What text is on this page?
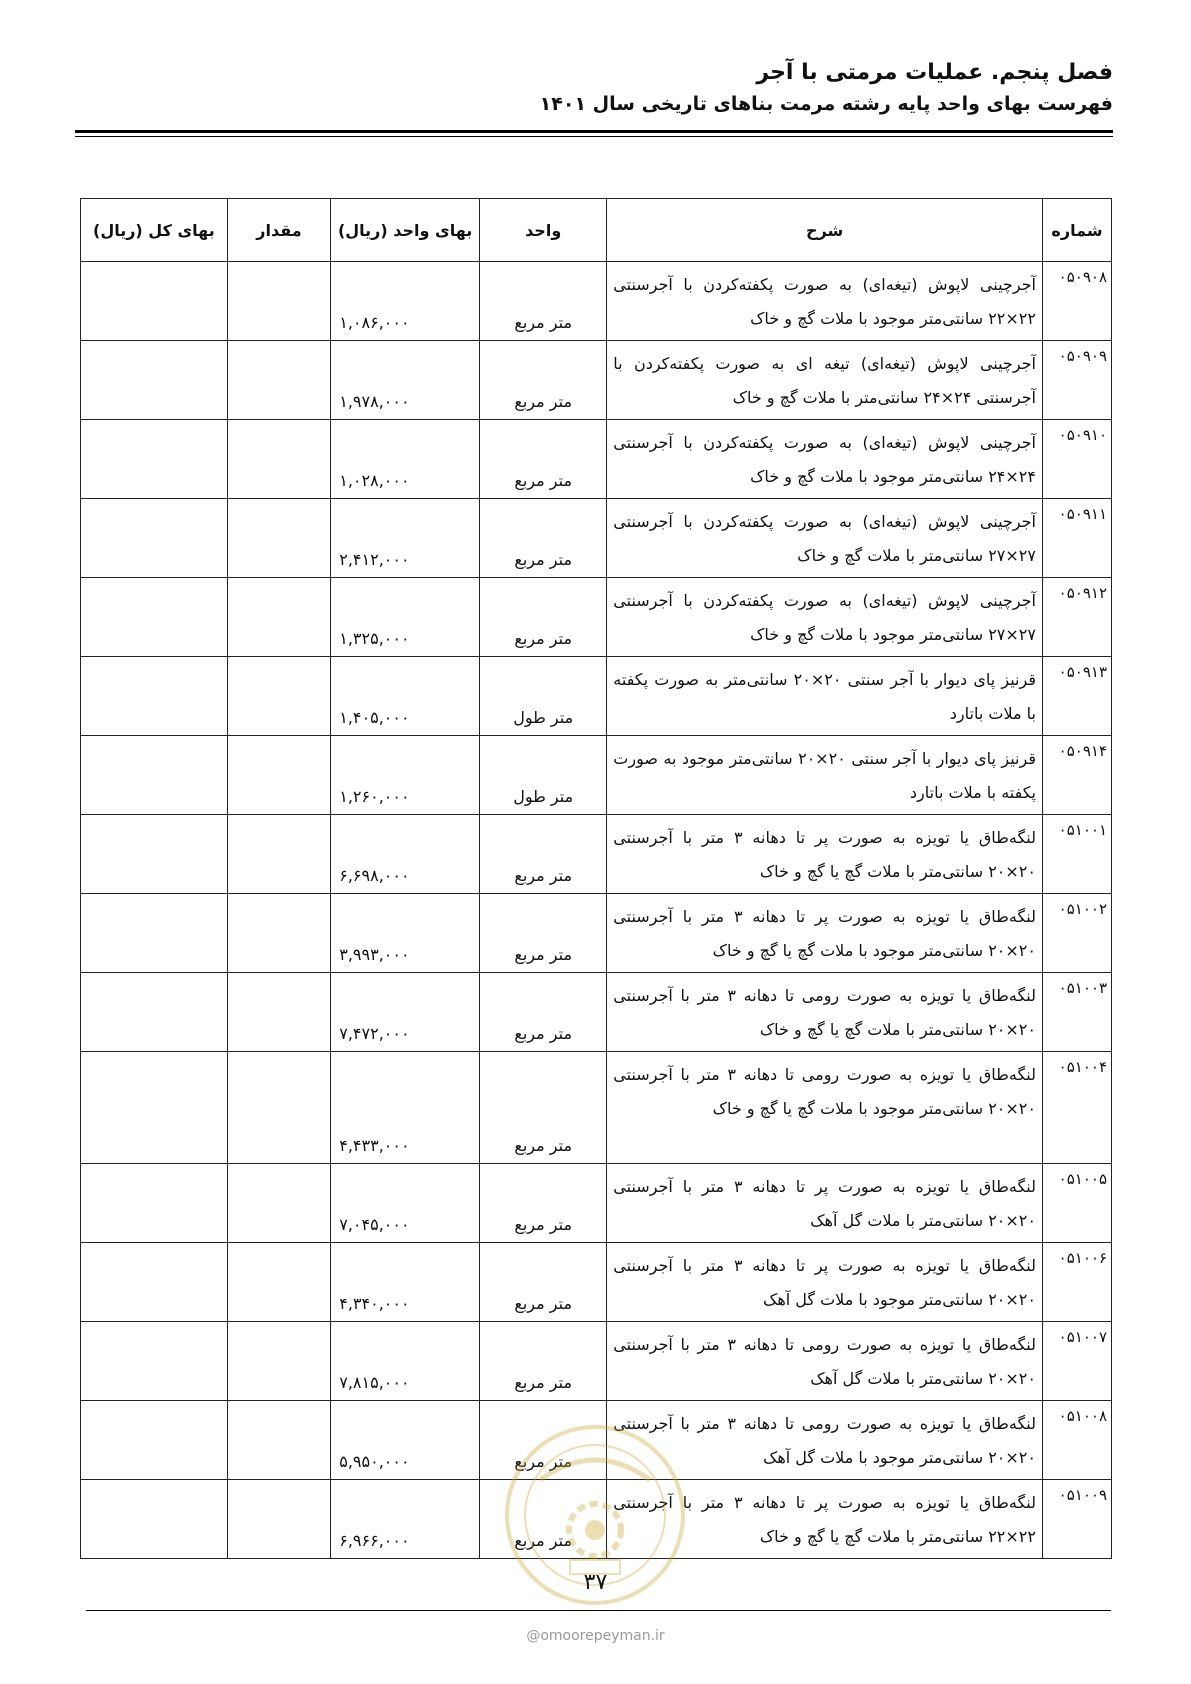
فصل پنجم. عملیات مرمتی با آجر

فهرست بهای واحد پایه رشته مرمت بناهای تاریخی سال ۱۴۰۱

شماره	شرح	واحد	بهای واحد (ریال)	مقدار	بهای کل (ریال)
۰۵۰۹۰۸	آجرچینی لاپوش (تیغه‌ای) به صورت پکفته‌کردن با آجرسنتی ۲۲×۲۲ سانتی‌متر موجود با ملات گچ و خاک	متر مربع	۱,۰۸۶,۰۰۰		
۰۵۰۹۰۹	آجرچینی لاپوش (تیغه‌ای) تیغه ای به صورت پکفته‌کردن با آجرسنتی ۲۴×۲۴ سانتی‌متر با ملات گچ و خاک	متر مربع	۱,۹۷۸,۰۰۰		
۰۵۰۹۱۰	آجرچینی لاپوش (تیغه‌ای) به صورت پکفته‌کردن با آجرسنتی ۲۴×۲۴ سانتی‌متر موجود با ملات گچ و خاک	متر مربع	۱,۰۲۸,۰۰۰		
۰۵۰۹۱۱	آجرچینی لاپوش (تیغه‌ای) به صورت پکفته‌کردن با آجرسنتی ۲۷×۲۷ سانتی‌متر با ملات گچ و خاک	متر مربع	۲,۴۱۲,۰۰۰		
۰۵۰۹۱۲	آجرچینی لاپوش (تیغه‌ای) به صورت پکفته‌کردن با آجرسنتی ۲۷×۲۷ سانتی‌متر موجود با ملات گچ و خاک	متر مربع	۱,۳۲۵,۰۰۰		
۰۵۰۹۱۳	قرنیز پای دیوار با آجر سنتی ۲۰×۲۰ سانتی‌متر به صورت پکفته با ملات باتارد	متر طول	۱,۴۰۵,۰۰۰		
۰۵۰۹۱۴	قرنیز پای دیوار با آجر سنتی ۲۰×۲۰ سانتی‌متر موجود به صورت پکفته با ملات باتارد	متر طول	۱,۲۶۰,۰۰۰		
۰۵۱۰۰۱	لنگه‌طاق یا تویزه به صورت پر تا دهانه ۳ متر با آجرسنتی ۲۰×۲۰ سانتی‌متر با ملات گچ یا گچ و خاک	متر مربع	۶,۶۹۸,۰۰۰		
۰۵۱۰۰۲	لنگه‌طاق یا تویزه به صورت پر تا دهانه ۳ متر با آجرسنتی ۲۰×۲۰ سانتی‌متر موجود با ملات گچ یا گچ و خاک	متر مربع	۳,۹۹۳,۰۰۰		
۰۵۱۰۰۳	لنگه‌طاق یا تویزه به صورت رومی تا دهانه ۳ متر با آجرسنتی ۲۰×۲۰ سانتی‌متر با ملات گچ یا گچ و خاک	متر مربع	۷,۴۷۲,۰۰۰		
۰۵۱۰۰۴	لنگه‌طاق یا تویزه به صورت رومی تا دهانه ۳ متر با آجرسنتی ۲۰×۲۰ سانتی‌متر موجود با ملات گچ یا گچ و خاک	متر مربع	۴,۴۳۳,۰۰۰		
۰۵۱۰۰۵	لنگه‌طاق یا تویزه به صورت پر تا دهانه ۳ متر با آجرسنتی ۲۰×۲۰ سانتی‌متر با ملات گل آهک	متر مربع	۷,۰۴۵,۰۰۰		
۰۵۱۰۰۶	لنگه‌طاق یا تویزه به صورت پر تا دهانه ۳ متر با آجرسنتی ۲۰×۲۰ سانتی‌متر موجود با ملات گل آهک	متر مربع	۴,۳۴۰,۰۰۰		
۰۵۱۰۰۷	لنگه‌طاق یا تویزه به صورت رومی تا دهانه ۳ متر با آجرسنتی ۲۰×۲۰ سانتی‌متر با ملات گل آهک	متر مربع	۷,۸۱۵,۰۰۰		
۰۵۱۰۰۸	لنگه‌طاق یا تویزه به صورت رومی تا دهانه ۳ متر با آجرسنتی ۲۰×۲۰ سانتی‌متر موجود با ملات گل آهک	متر مربع	۵,۹۵۰,۰۰۰		
۰۵۱۰۰۹	لنگه‌طاق یا تویزه به صورت پر تا دهانه ۳ متر با آجرسنتی ۲۲×۲۲ سانتی‌متر با ملات گچ یا گچ و خاک	متر مربع	۶,۹۶۶,۰۰۰		
۳۷
@omoorepeyman.ir
